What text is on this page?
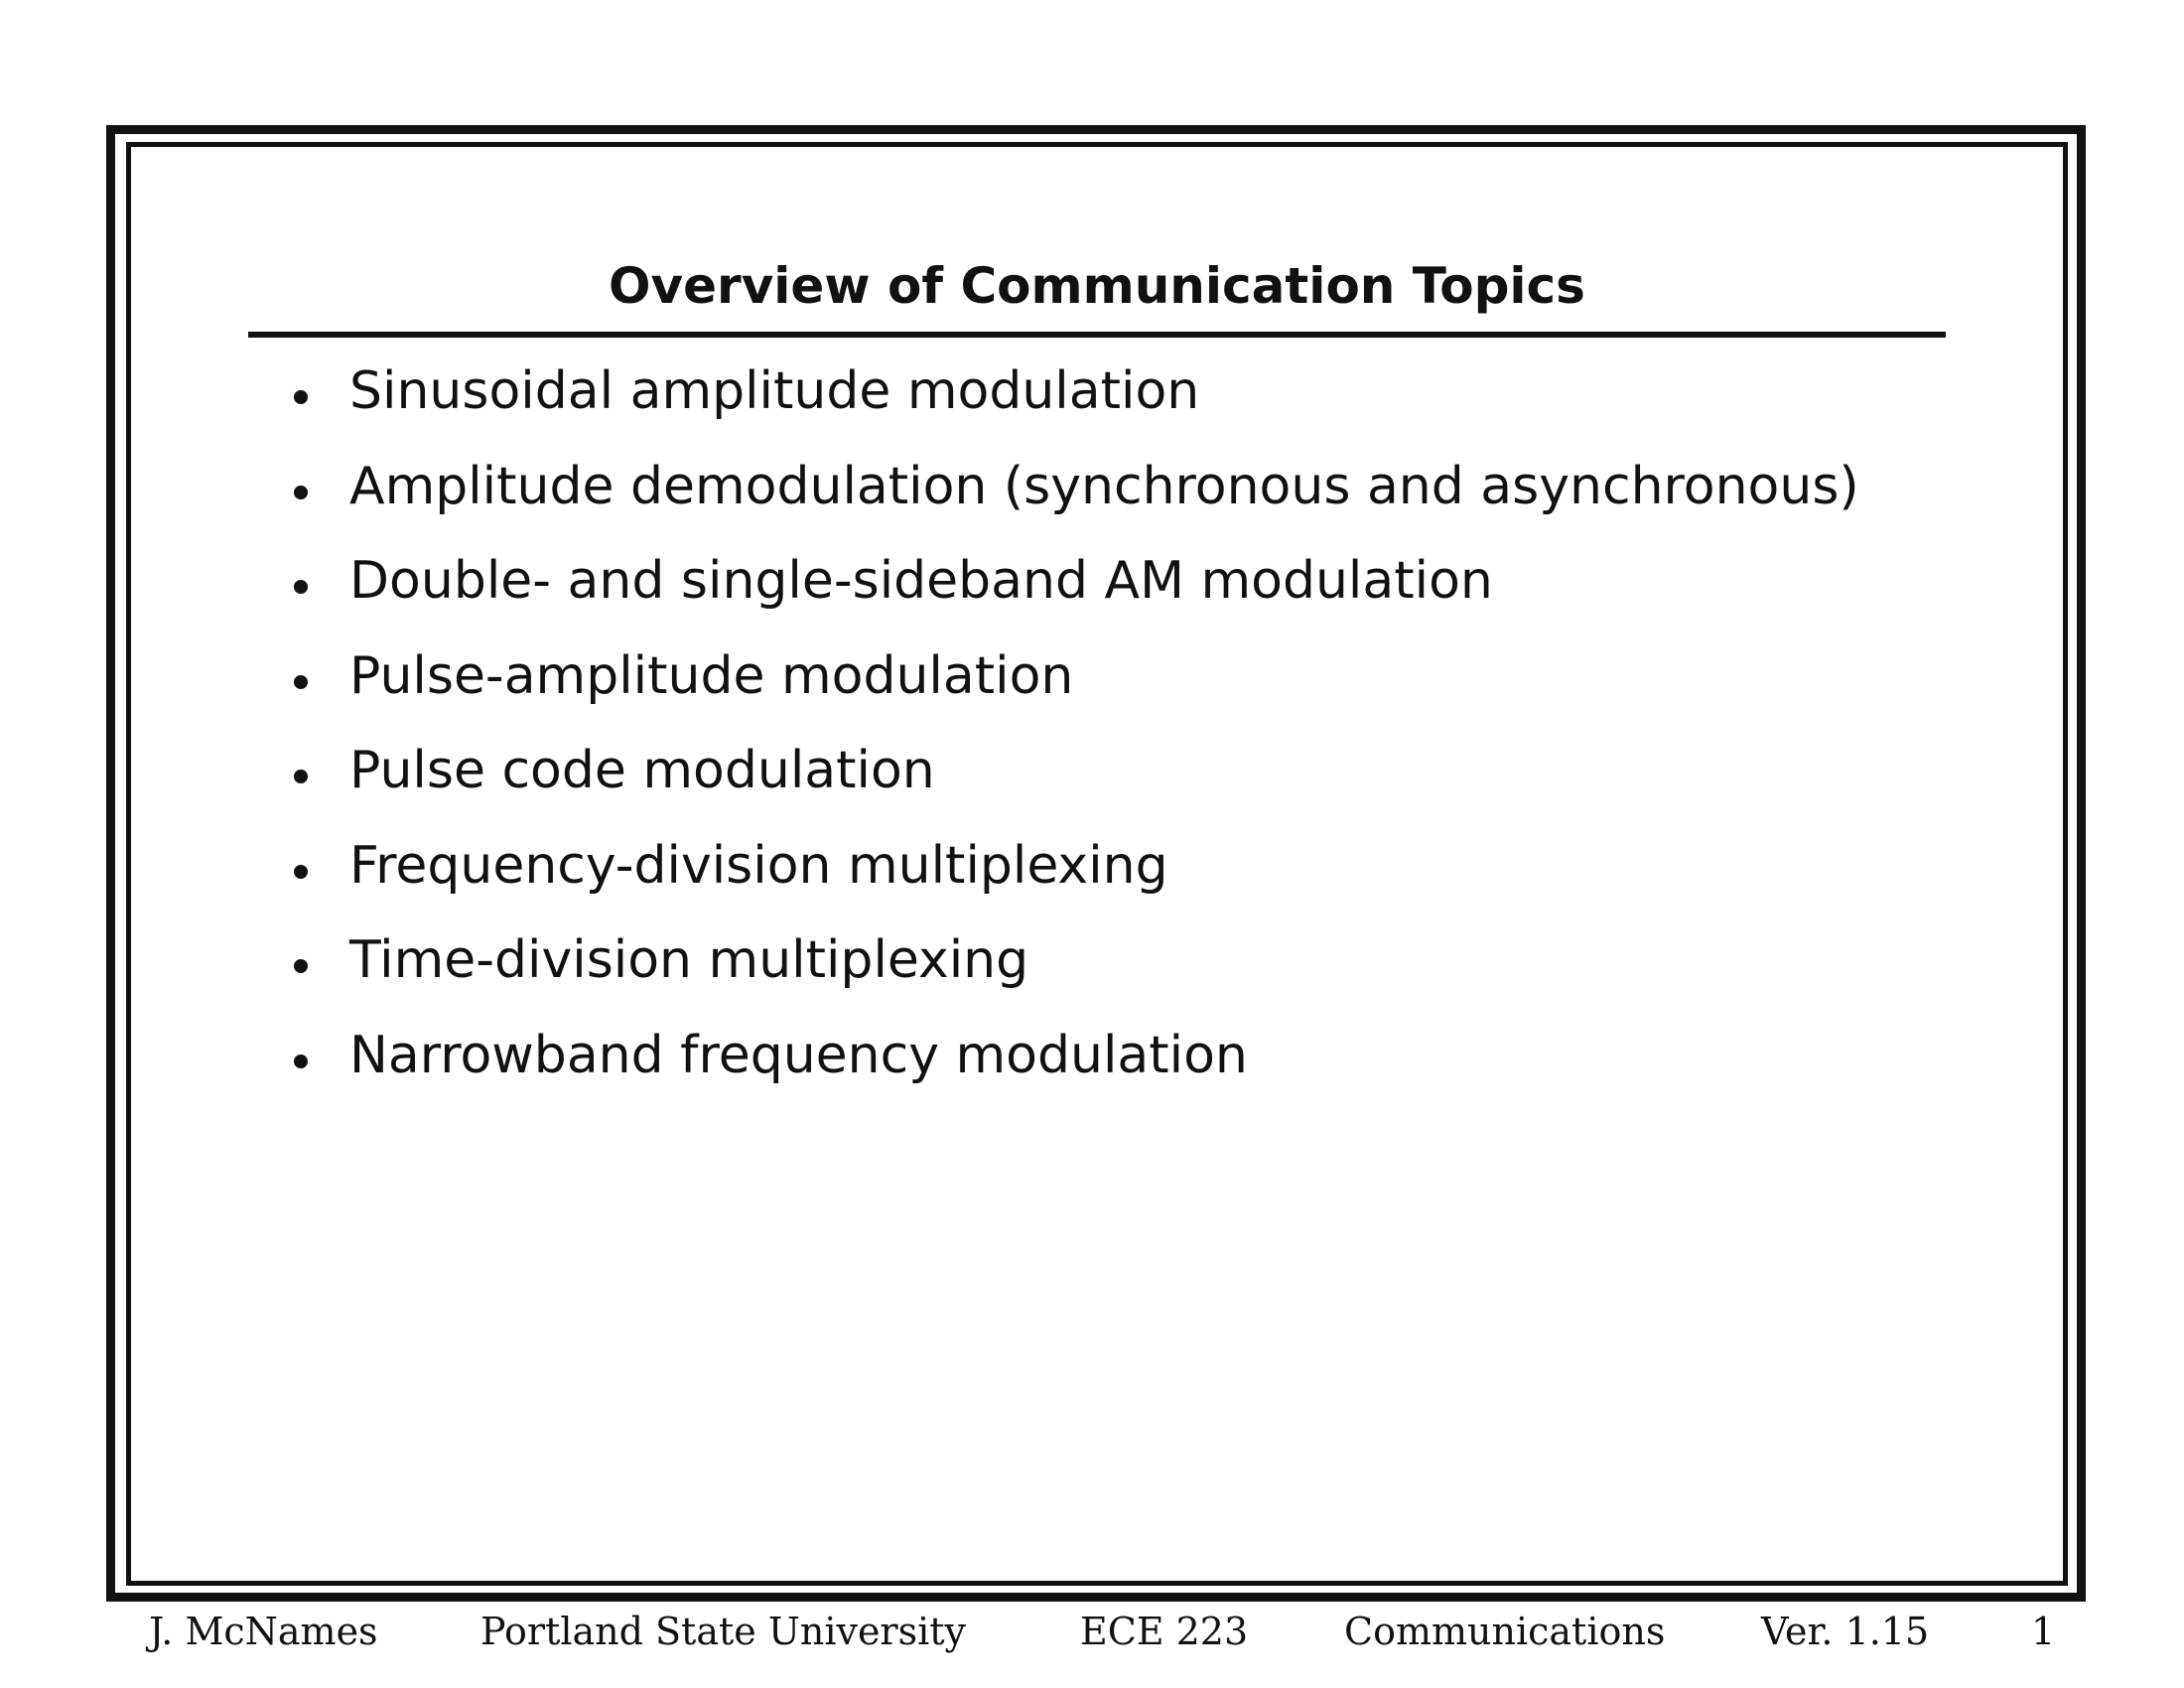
Overview of Communication Topics
Sinusoidal amplitude modulation
Amplitude demodulation (synchronous and asynchronous)
Double- and single-sideband AM modulation
Pulse-amplitude modulation
Pulse code modulation
Frequency-division multiplexing
Time-division multiplexing
Narrowband frequency modulation
J. McNames	Portland State University	ECE 223	Communications	Ver. 1.15	1
